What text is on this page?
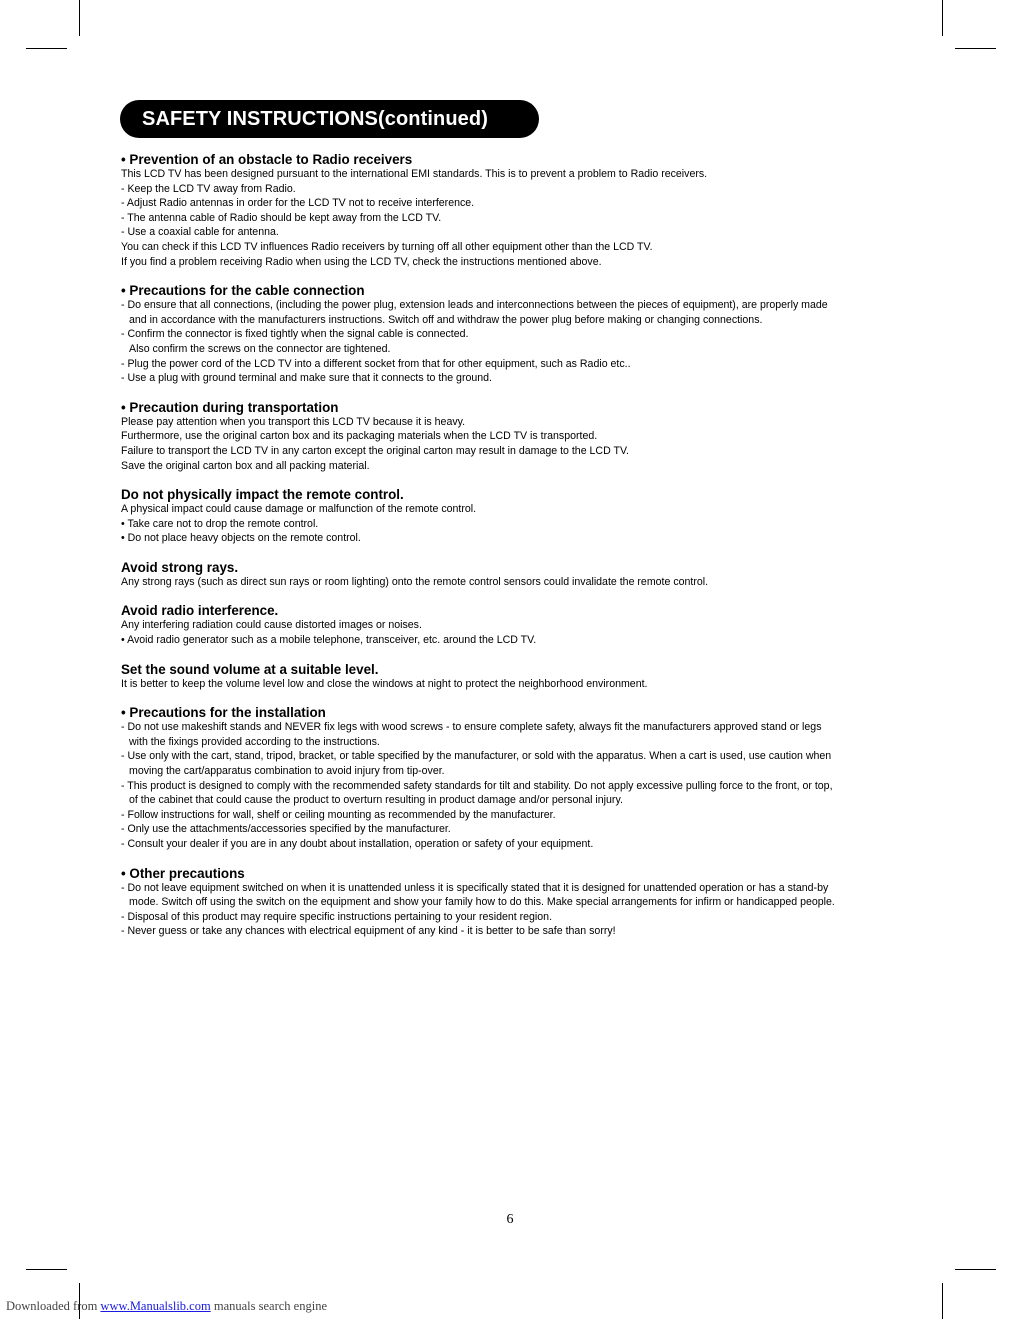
SAFETY INSTRUCTIONS(continued)
• Prevention of an obstacle to Radio receivers
This LCD TV has been designed pursuant to the international EMI standards. This is to prevent a problem to Radio receivers.
- Keep the LCD TV away from Radio.
- Adjust Radio antennas in order for the LCD TV not to receive interference.
- The antenna cable of Radio should be kept away from the LCD TV.
- Use a coaxial cable for antenna.
You can check if this LCD TV influences Radio receivers by turning off all other equipment other than the LCD TV.
If you find a problem receiving Radio when using the LCD TV, check the instructions mentioned above.
• Precautions for the cable connection
- Do ensure that all connections, (including the power plug, extension leads and interconnections between the pieces of equipment), are properly made
and in accordance with the manufacturers instructions. Switch off and withdraw the power plug before making or changing connections.
- Confirm the connector is fixed tightly when the signal cable is connected.
Also confirm the screws on the connector are tightened.
- Plug the power cord of the LCD TV into a different socket from that for other equipment, such as Radio etc..
- Use a plug with ground terminal and make sure that it connects to the ground.
• Precaution during transportation
Please pay attention when you transport this LCD TV because it is heavy.
Furthermore, use the original carton box and its packaging materials when the LCD TV is transported.
Failure to transport the LCD TV in any carton except the original carton may result in damage to the LCD TV.
Save the original carton box and all packing material.
Do not physically impact the remote control.
A physical impact could cause damage or malfunction of the remote control.
• Take care not to drop the remote control.
• Do not place heavy objects on the remote control.
Avoid strong rays.
Any strong rays (such as direct sun rays or room lighting) onto the remote control sensors could invalidate the remote control.
Avoid radio interference.
Any interfering radiation could cause distorted images or noises.
• Avoid radio generator such as a mobile telephone, transceiver, etc. around the LCD TV.
Set the sound volume at a suitable level.
It is better to keep the volume level low and close the windows at night to protect the neighborhood environment.
• Precautions for the installation
- Do not use makeshift stands and NEVER fix legs with wood screws - to ensure complete safety, always fit the manufacturers approved stand or legs
with the fixings provided according to the instructions.
- Use only with the cart, stand, tripod, bracket, or table specified by the manufacturer, or sold with the apparatus. When a cart is used, use caution when
moving the cart/apparatus combination to avoid injury from tip-over.
- This product is designed to comply with the recommended safety standards for tilt and stability. Do not apply excessive pulling force to the front, or top,
of the cabinet that could cause the product to overturn resulting in product damage and/or personal injury.
- Follow instructions for wall, shelf or ceiling mounting as recommended by the manufacturer.
- Only use the attachments/accessories specified by the manufacturer.
- Consult your dealer if you are in any doubt about installation, operation or safety of your equipment.
• Other precautions
- Do not leave equipment switched on when it is unattended unless it is specifically stated that it is designed for unattended operation or has a stand-by
mode. Switch off using the switch on the equipment and show your family how to do this. Make special arrangements for infirm or handicapped people.
- Disposal of this product may require specific instructions pertaining to your resident region.
- Never guess or take any chances with electrical equipment of any kind - it is better to be safe than sorry!
6
Downloaded from www.Manualslib.com manuals search engine
